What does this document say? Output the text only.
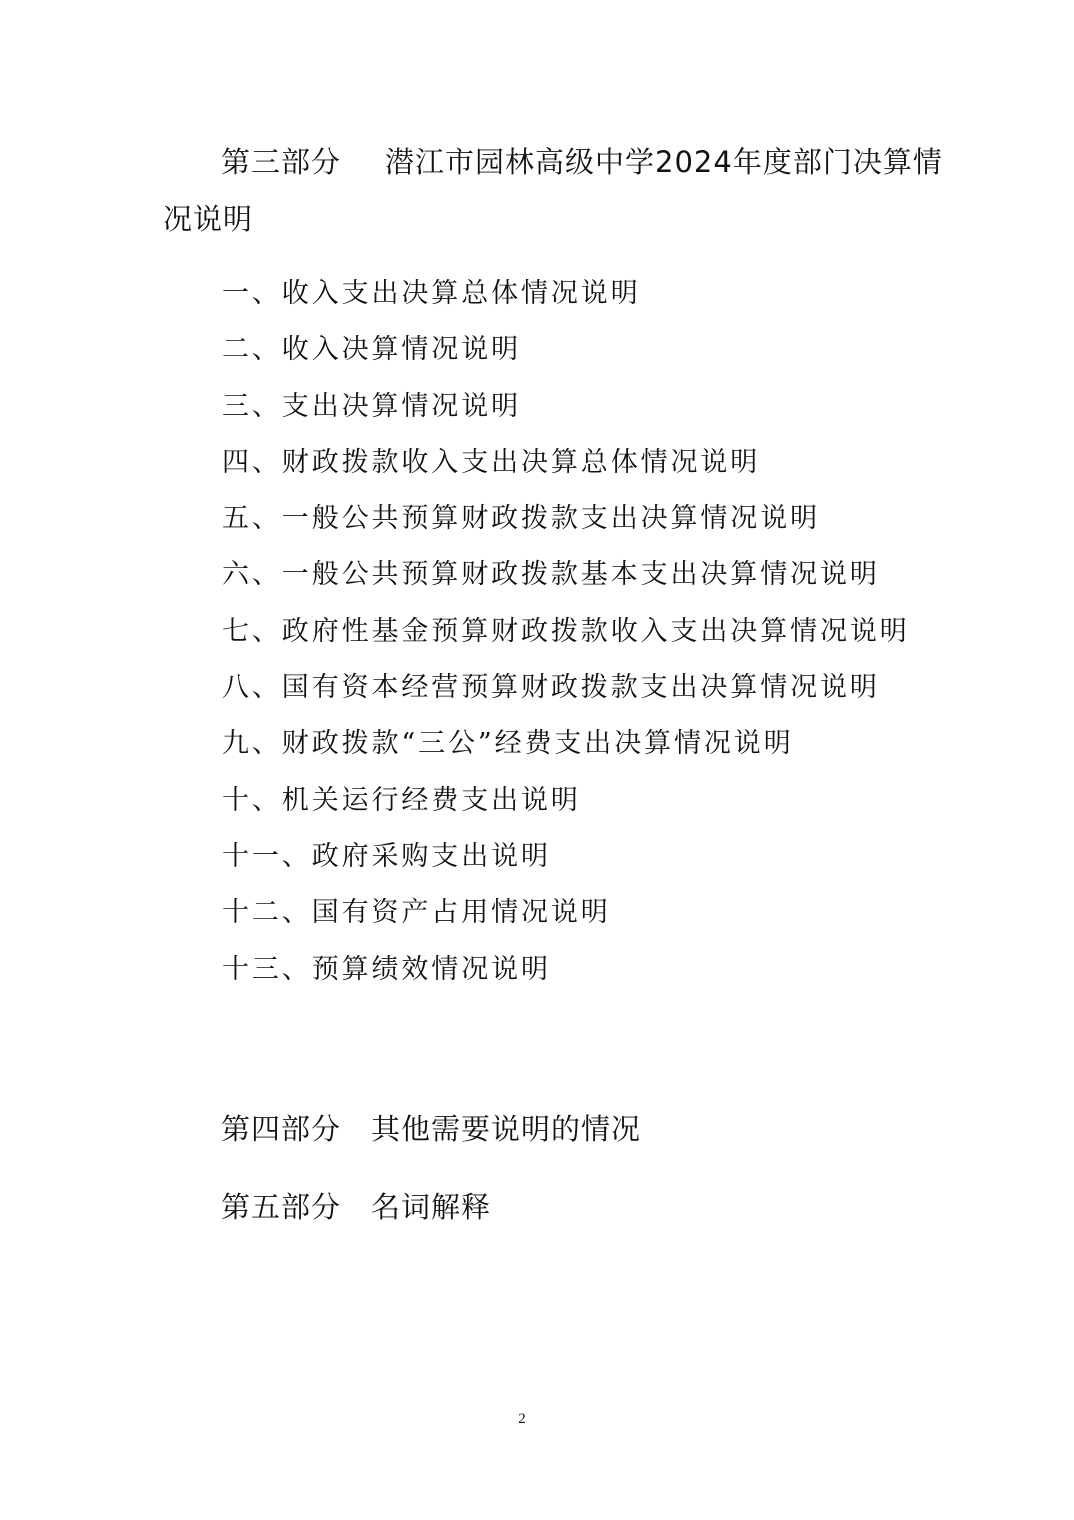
第三部分 潜江市园林高级中学2024年度部门决算情
况说明
一、收入支出决算总体情况说明
二、收入决算情况说明
三、支出决算情况说明
四、财政拨款收入支出决算总体情况说明
五、一般公共预算财政拨款支出决算情况说明
六、一般公共预算财政拨款基本支出决算情况说明
七、政府性基金预算财政拨款收入支出决算情况说明
八、国有资本经营预算财政拨款支出决算情况说明
九、财政拨款“三公”经费支出决算情况说明
十、机关运行经费支出说明
十一、政府采购支出说明
十二、国有资产占用情况说明
十三、预算绩效情况说明
第四部分 其他需要说明的情况
第五部分 名词解释
2
